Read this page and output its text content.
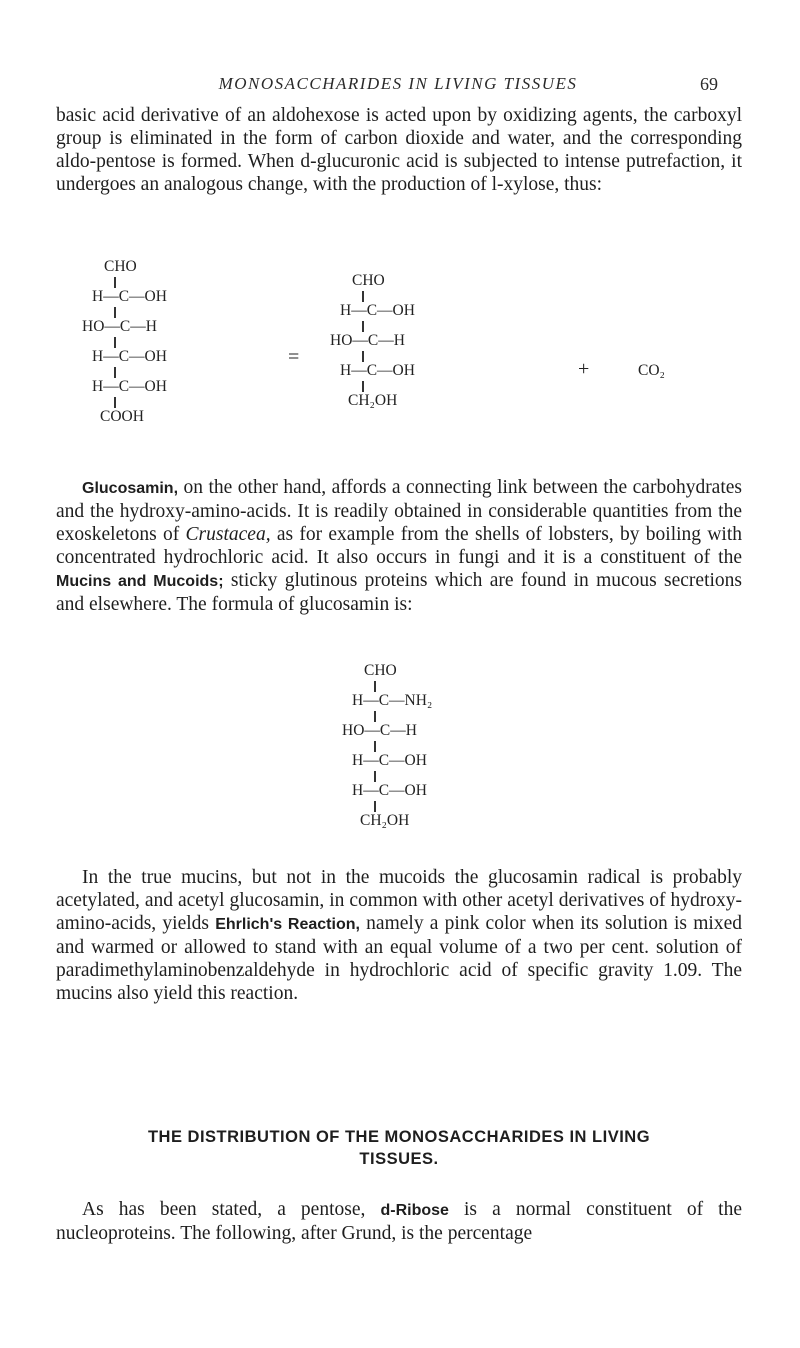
MONOSACCHARIDES IN LIVING TISSUES	69

basic acid derivative of an aldohexose is acted upon by oxidizing agents, the carboxyl group is eliminated in the form of carbon dioxide and water, and the corresponding aldo-pentose is formed. When d-glucuronic acid is subjected to intense putrefaction, it undergoes an analogous change, with the production of l-xylose, thus:

CHO
H—C—OH
HO—C—H
H—C—OH
H—C—OH
COOH
=
CHO
H—C—OH
HO—C—H
H—C—OH
CH₂OH
+	CO₂

Glucosamin, on the other hand, affords a connecting link between the carbohydrates and the hydroxy-amino-acids. It is readily obtained in considerable quantities from the exoskeletons of Crustacea, as for example from the shells of lobsters, by boiling with concentrated hydrochloric acid. It also occurs in fungi and it is a constituent of the Mucins and Mucoids; sticky glutinous proteins which are found in mucous secretions and elsewhere. The formula of glucosamin is:

CHO
H—C—NH₂
HO—C—H
H—C—OH
H—C—OH
CH₂OH

In the true mucins, but not in the mucoids the glucosamin radical is probably acetylated, and acetyl glucosamin, in common with other acetyl derivatives of hydroxy-amino-acids, yields Ehrlich's Reaction, namely a pink color when its solution is mixed and warmed or allowed to stand with an equal volume of a two per cent. solution of paradimethylaminobenzaldehyde in hydrochloric acid of specific gravity 1.09. The mucins also yield this reaction.

THE DISTRIBUTION OF THE MONOSACCHARIDES IN LIVING
TISSUES.

As has been stated, a pentose, d-Ribose is a normal constituent of the nucleoproteins. The following, after Grund, is the percentage
